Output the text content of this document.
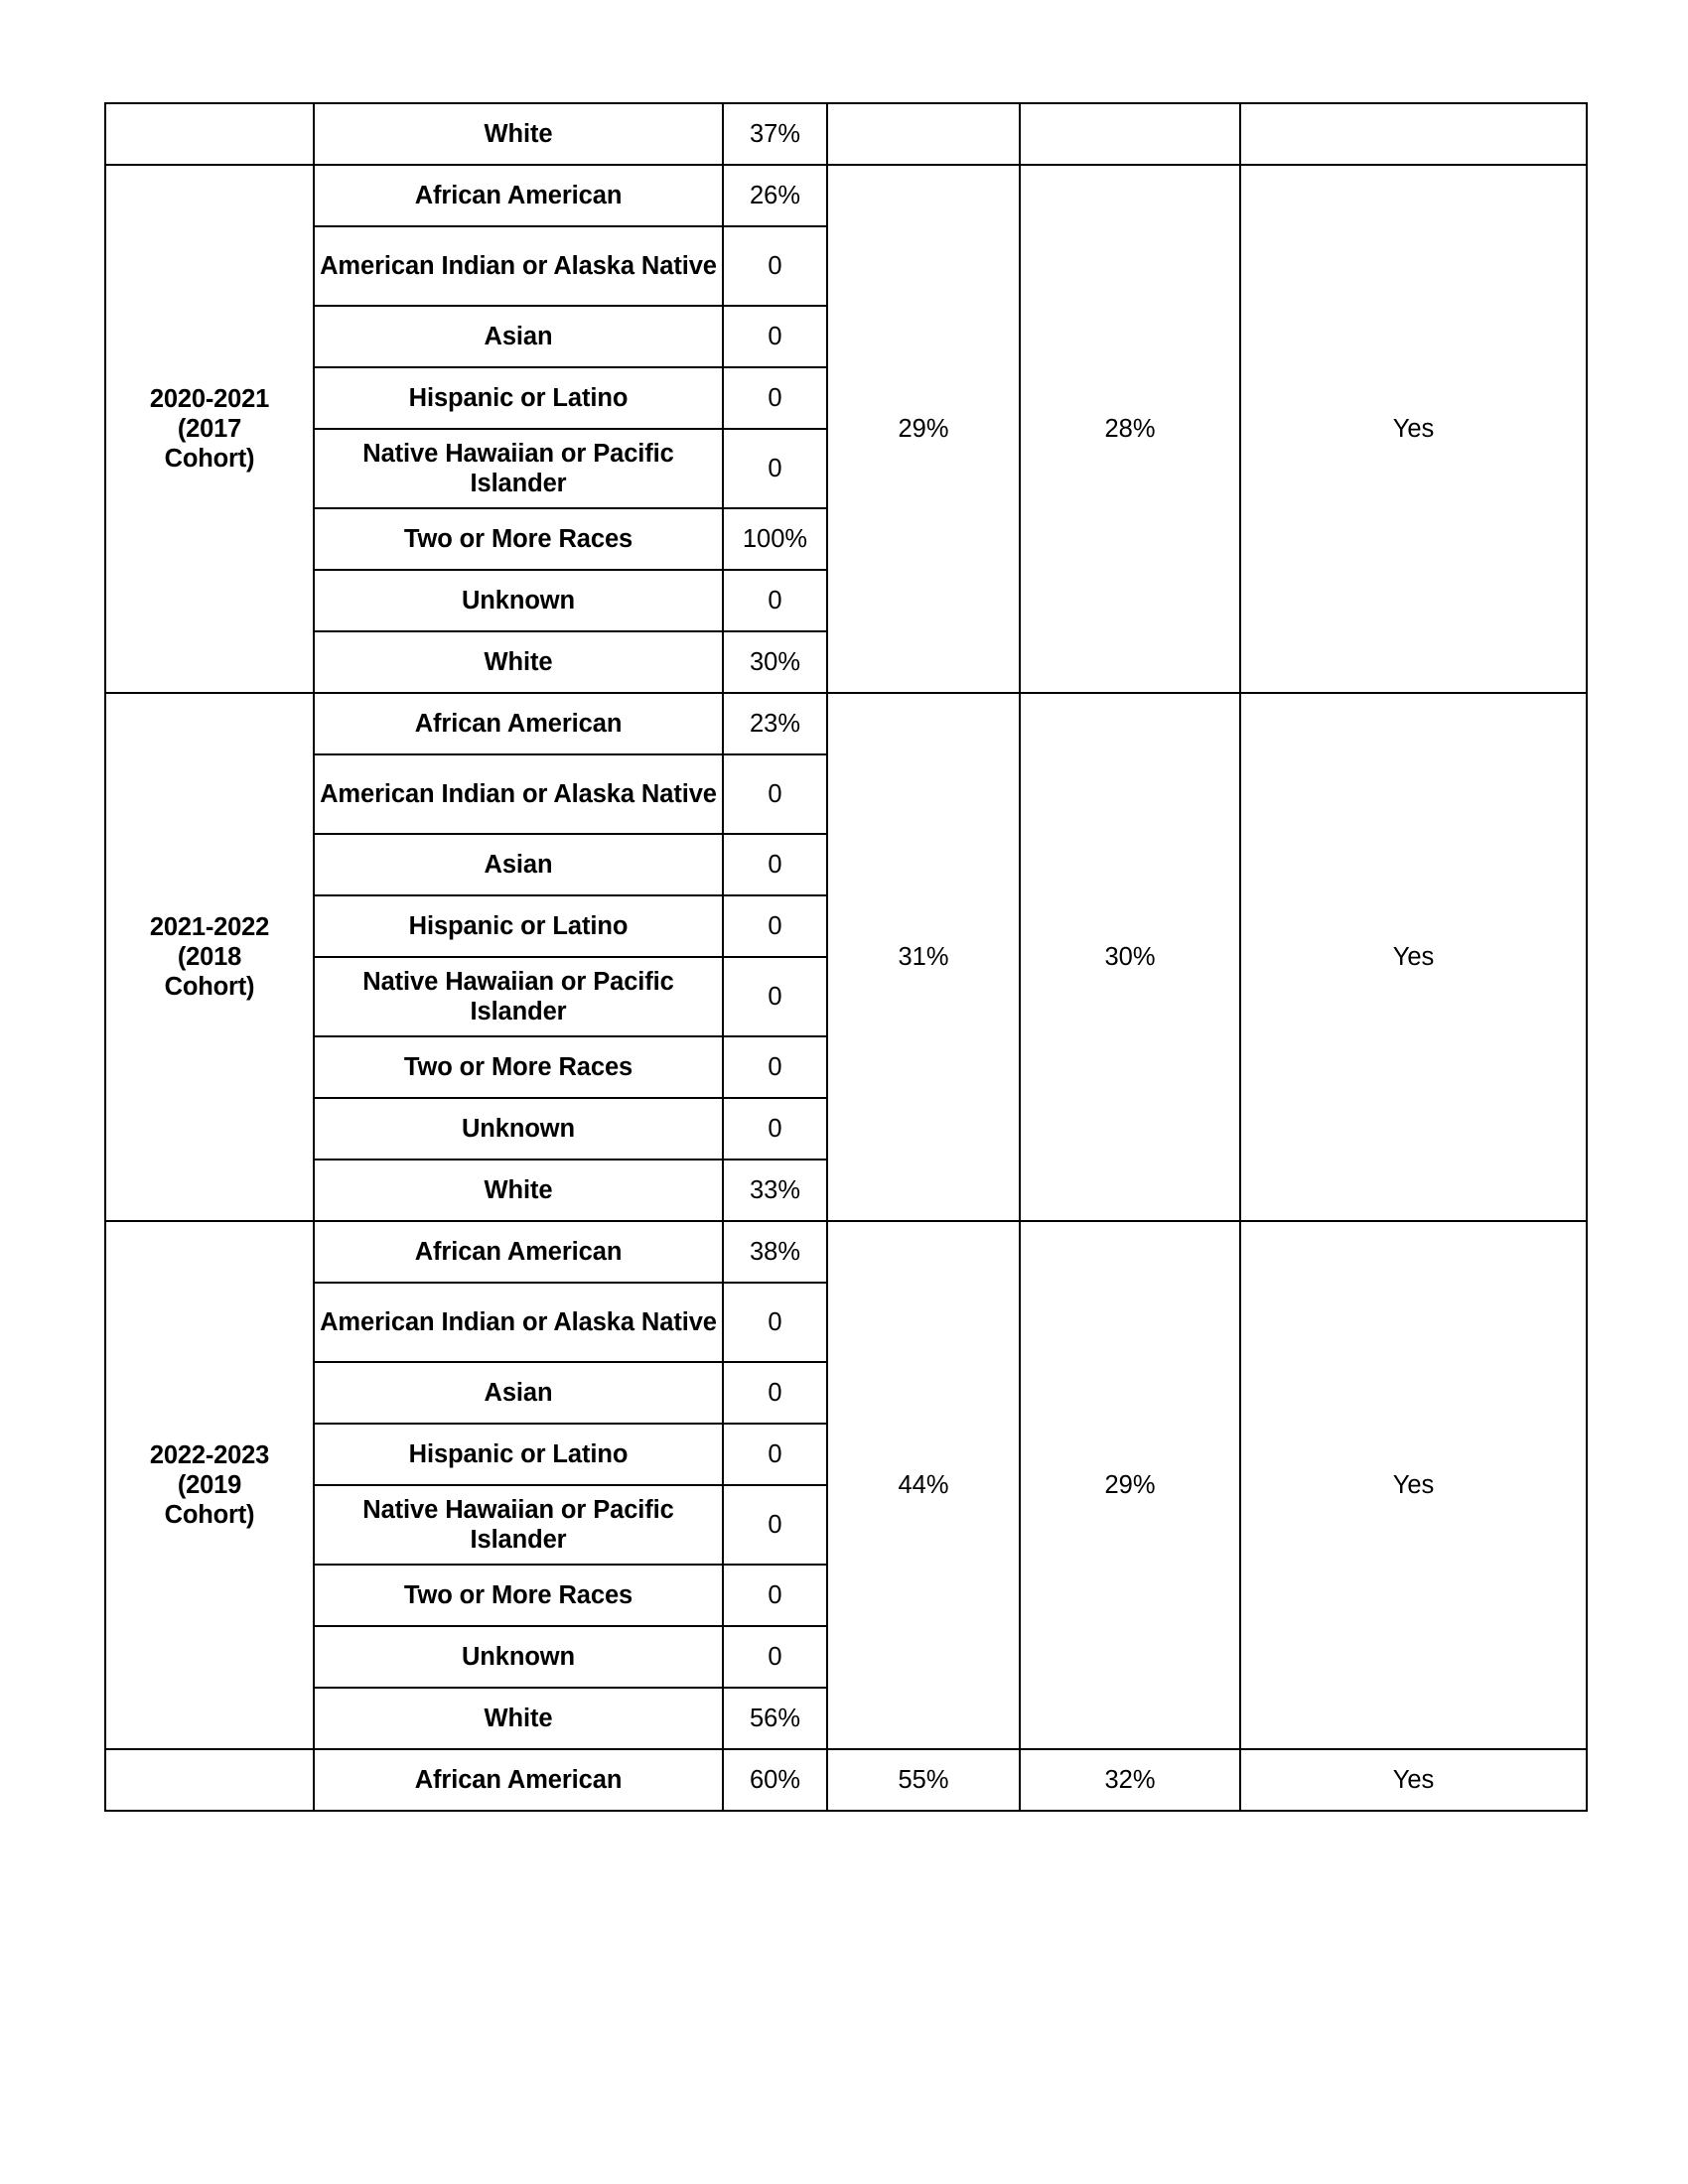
	White	37%			

2020-2021
(2017
Cohort)	African American	26%	29%	28%	Yes
	American Indian or Alaska Native	0			
	Asian	0			
	Hispanic or Latino	0			
	Native Hawaiian or Pacific Islander	0			
	Two or More Races	100%			
	Unknown	0			
	White	30%			

2021-2022
(2018
Cohort)	African American	23%	31%	30%	Yes
	American Indian or Alaska Native	0			
	Asian	0			
	Hispanic or Latino	0			
	Native Hawaiian or Pacific Islander	0			
	Two or More Races	0			
	Unknown	0			
	White	33%			

2022-2023
(2019
Cohort)	African American	38%	44%	29%	Yes
	American Indian or Alaska Native	0			
	Asian	0			
	Hispanic or Latino	0			
	Native Hawaiian or Pacific Islander	0			
	Two or More Races	0			
	Unknown	0			
	White	56%			
	African American	60%	55%	32%	Yes
